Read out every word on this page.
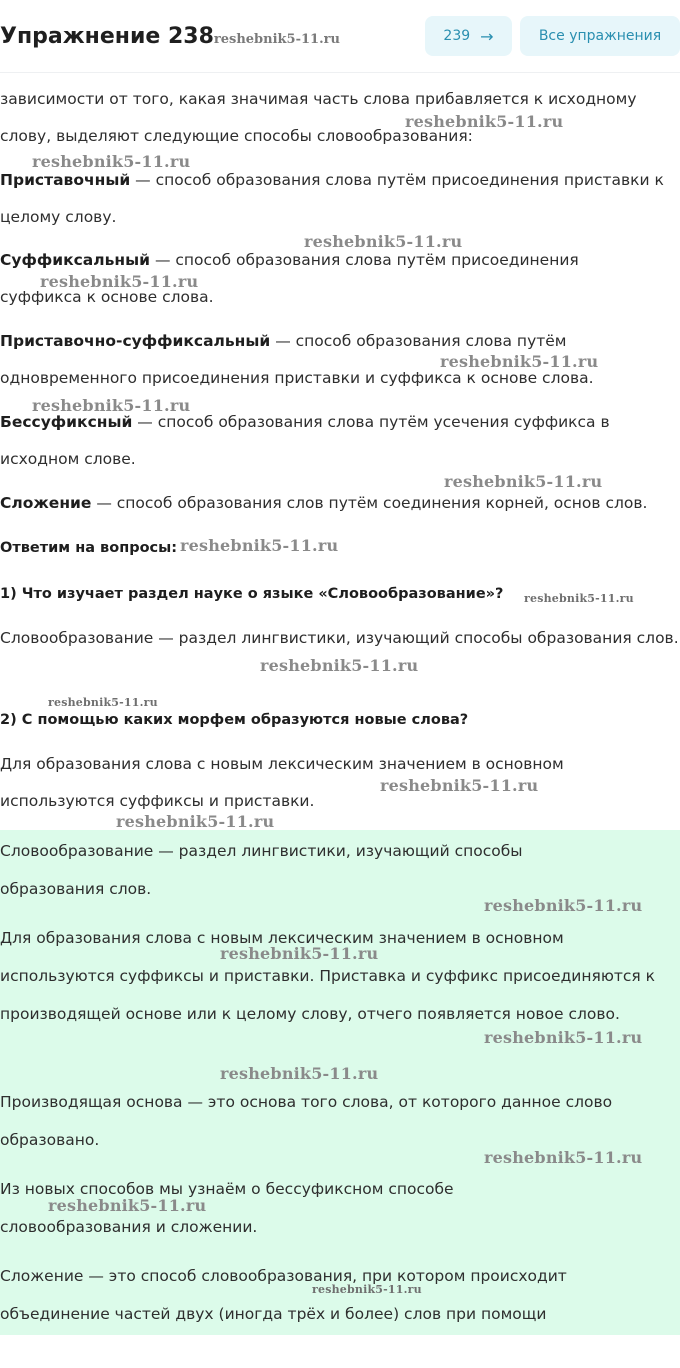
Упражнение 238reshebnik5-11.ru	239 →	Все упражнения
зависимости от того, какая значимая часть слова прибавляется к исходному
слову, выделяют следующие способы словообразования:
Приставочный — способ образования слова путём присоединения приставки к целому слову.
Суффиксальный — способ образования слова путём присоединения суффикса к основе слова.
Приставочно-суффиксальный — способ образования слова путём одновременного присоединения приставки и суффикса к основе слова.
Бессуфиксный — способ образования слова путём усечения суффикса в исходном слове.
Сложение — способ образования слов путём соединения корней, основ слов.
Ответим на вопросы:
1) Что изучает раздел науке о языке «Словообразование»?
Словообразование — раздел лингвистики, изучающий способы образования слов.
2) С помощью каких морфем образуются новые слова?
Для образования слова с новым лексическим значением в основном используются суффиксы и приставки.
Словообразование — раздел лингвистики, изучающий способы образования слов.
Для образования слова с новым лексическим значением в основном используются суффиксы и приставки. Приставка и суффикс присоединяются к производящей основе или к целому слову, отчего появляется новое слово.
Производящая основа — это основа того слова, от которого данное слово образовано.
Из новых способов мы узнаём о бессуфиксном способе словообразования и сложении.
Сложение — это способ словообразования, при котором происходит объединение частей двух (иногда трёх и более) слов при помощи
reshebnik5-11.ru
reshebnik5-11.ru
reshebnik5-11.ru
reshebnik5-11.ru
reshebnik5-11.ru
reshebnik5-11.ru
reshebnik5-11.ru
reshebnik5-11.ru
reshebnik5-11.ru
reshebnik5-11.ru
reshebnik5-11.ru
reshebnik5-11.ru
reshebnik5-11.ru
reshebnik5-11.ru
reshebnik5-11.ru
reshebnik5-11.ru
reshebnik5-11.ru
reshebnik5-11.ru
reshebnik5-11.ru
reshebnik5-11.ru
